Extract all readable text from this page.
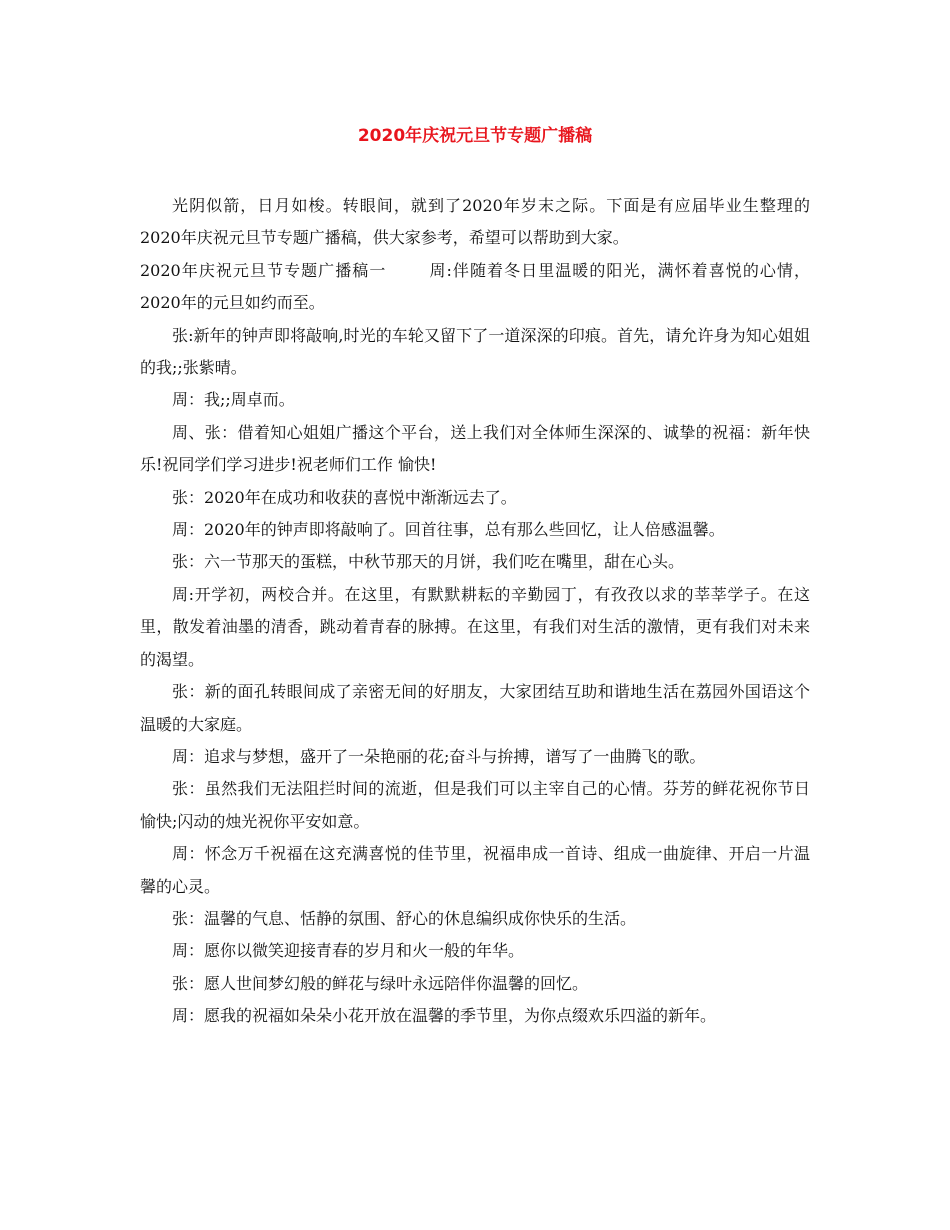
2020年庆祝元旦节专题广播稿

光阴似箭，日月如梭。转眼间，就到了2020年岁末之际。下面是有应届毕业生整理的2020年庆祝元旦节专题广播稿，供大家参考，希望可以帮助到大家。

2020年庆祝元旦节专题广播稿一	周:伴随着冬日里温暖的阳光，满怀着喜悦的心情，2020年的元旦如约而至。

张:新年的钟声即将敲响,时光的车轮又留下了一道深深的印痕。首先，请允许身为知心姐姐的我;;张紫晴。

周：我;;周卓而。

周、张：借着知心姐姐广播这个平台，送上我们对全体师生深深的、诚挚的祝福：新年快乐!祝同学们学习进步!祝老师们工作 愉快!

张：2020年在成功和收获的喜悦中渐渐远去了。

周：2020年的钟声即将敲响了。回首往事，总有那么些回忆，让人倍感温馨。

张：六一节那天的蛋糕，中秋节那天的月饼，我们吃在嘴里，甜在心头。

周:开学初，两校合并。在这里，有默默耕耘的辛勤园丁，有孜孜以求的莘莘学子。在这里，散发着油墨的清香，跳动着青春的脉搏。在这里，有我们对生活的激情，更有我们对未来的渴望。

张：新的面孔转眼间成了亲密无间的好朋友，大家团结互助和谐地生活在荔园外国语这个温暖的大家庭。

周：追求与梦想，盛开了一朵艳丽的花;奋斗与拚搏，谱写了一曲腾飞的歌。

张：虽然我们无法阻拦时间的流逝，但是我们可以主宰自己的心情。芬芳的鲜花祝你节日愉快;闪动的烛光祝你平安如意。

周：怀念万千祝福在这充满喜悦的佳节里，祝福串成一首诗、组成一曲旋律、开启一片温馨的心灵。

张：温馨的气息、恬静的氛围、舒心的休息编织成你快乐的生活。

周：愿你以微笑迎接青春的岁月和火一般的年华。

张：愿人世间梦幻般的鲜花与绿叶永远陪伴你温馨的回忆。

周：愿我的祝福如朵朵小花开放在温馨的季节里，为你点缀欢乐四溢的新年。
